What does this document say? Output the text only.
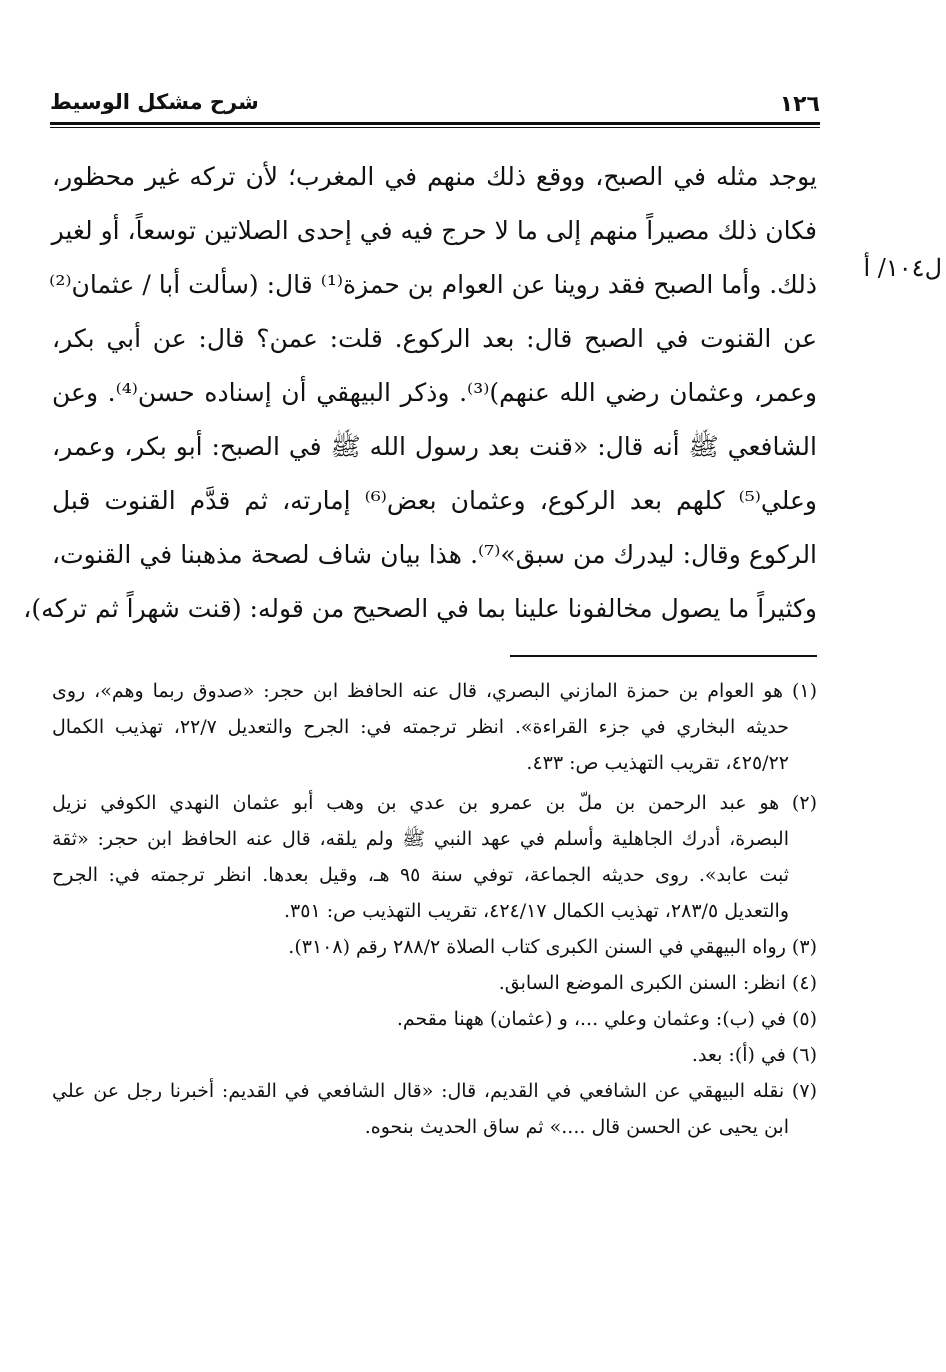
١٢٦
شرح مشكل الوسيط
ل١٠٤/ أ
يوجد مثله في الصبح، ووقع ذلك منهم في المغرب؛ لأن تركه غير محظور،
فكان ذلك مصيراً منهم إلى ما لا حرج فيه في إحدى الصلاتين توسعاً، أو لغير
ذلك. وأما الصبح فقد روينا عن العوام بن حمزة⁽¹⁾ قال: (سألت أبا / عثمان⁽²⁾
عن القنوت في الصبح قال: بعد الركوع. قلت: عمن؟ قال: عن أبي بكر،
وعمر، وعثمان رضي الله عنهم)⁽³⁾. وذكر البيهقي أن إسناده حسن⁽⁴⁾. وعن
الشافعي ﷺ أنه قال: «قنت بعد رسول الله ﷺ في الصبح: أبو بكر، وعمر،
وعلي⁽⁵⁾ كلهم بعد الركوع، وعثمان بعض⁽⁶⁾ إمارته، ثم قدَّم القنوت قبل
الركوع وقال: ليدرك من سبق»⁽⁷⁾. هذا بيان شاف لصحة مذهبنا في القنوت،
وكثيراً ما يصول مخالفونا علينا بما في الصحيح من قوله: (قنت شهراً ثم تركه)،
(١) هو العوام بن حمزة المازني البصري، قال عنه الحافظ ابن حجر: «صدوق ربما وهم»، روى
حديثه البخاري في جزء القراءة». انظر ترجمته في: الجرح والتعديل ٢٢/٧، تهذيب الكمال
٤٢٥/٢٢، تقريب التهذيب ص: ٤٣٣.
(٢) هو عبد الرحمن بن ملّ بن عمرو بن عدي بن وهب أبو عثمان النهدي الكوفي نزيل
البصرة، أدرك الجاهلية وأسلم في عهد النبي ﷺ ولم يلقه، قال عنه الحافظ ابن حجر: «ثقة
ثبت عابد». روى حديثه الجماعة، توفي سنة ٩٥ هـ، وقيل بعدها. انظر ترجمته في: الجرح
والتعديل ٢٨٣/٥، تهذيب الكمال ٤٢٤/١٧، تقريب التهذيب ص: ٣٥١.
(٣) رواه البيهقي في السنن الكبرى كتاب الصلاة ٢٨٨/٢ رقم (٣١٠٨).
(٤) انظر: السنن الكبرى الموضع السابق.
(٥) في (ب): وعثمان وعلي ...، و (عثمان) ههنا مقحم.
(٦) في (أ): بعد.
(٧) نقله البيهقي عن الشافعي في القديم، قال: «قال الشافعي في القديم: أخبرنا رجل عن علي
ابن يحيى عن الحسن قال ....» ثم ساق الحديث بنحوه.
